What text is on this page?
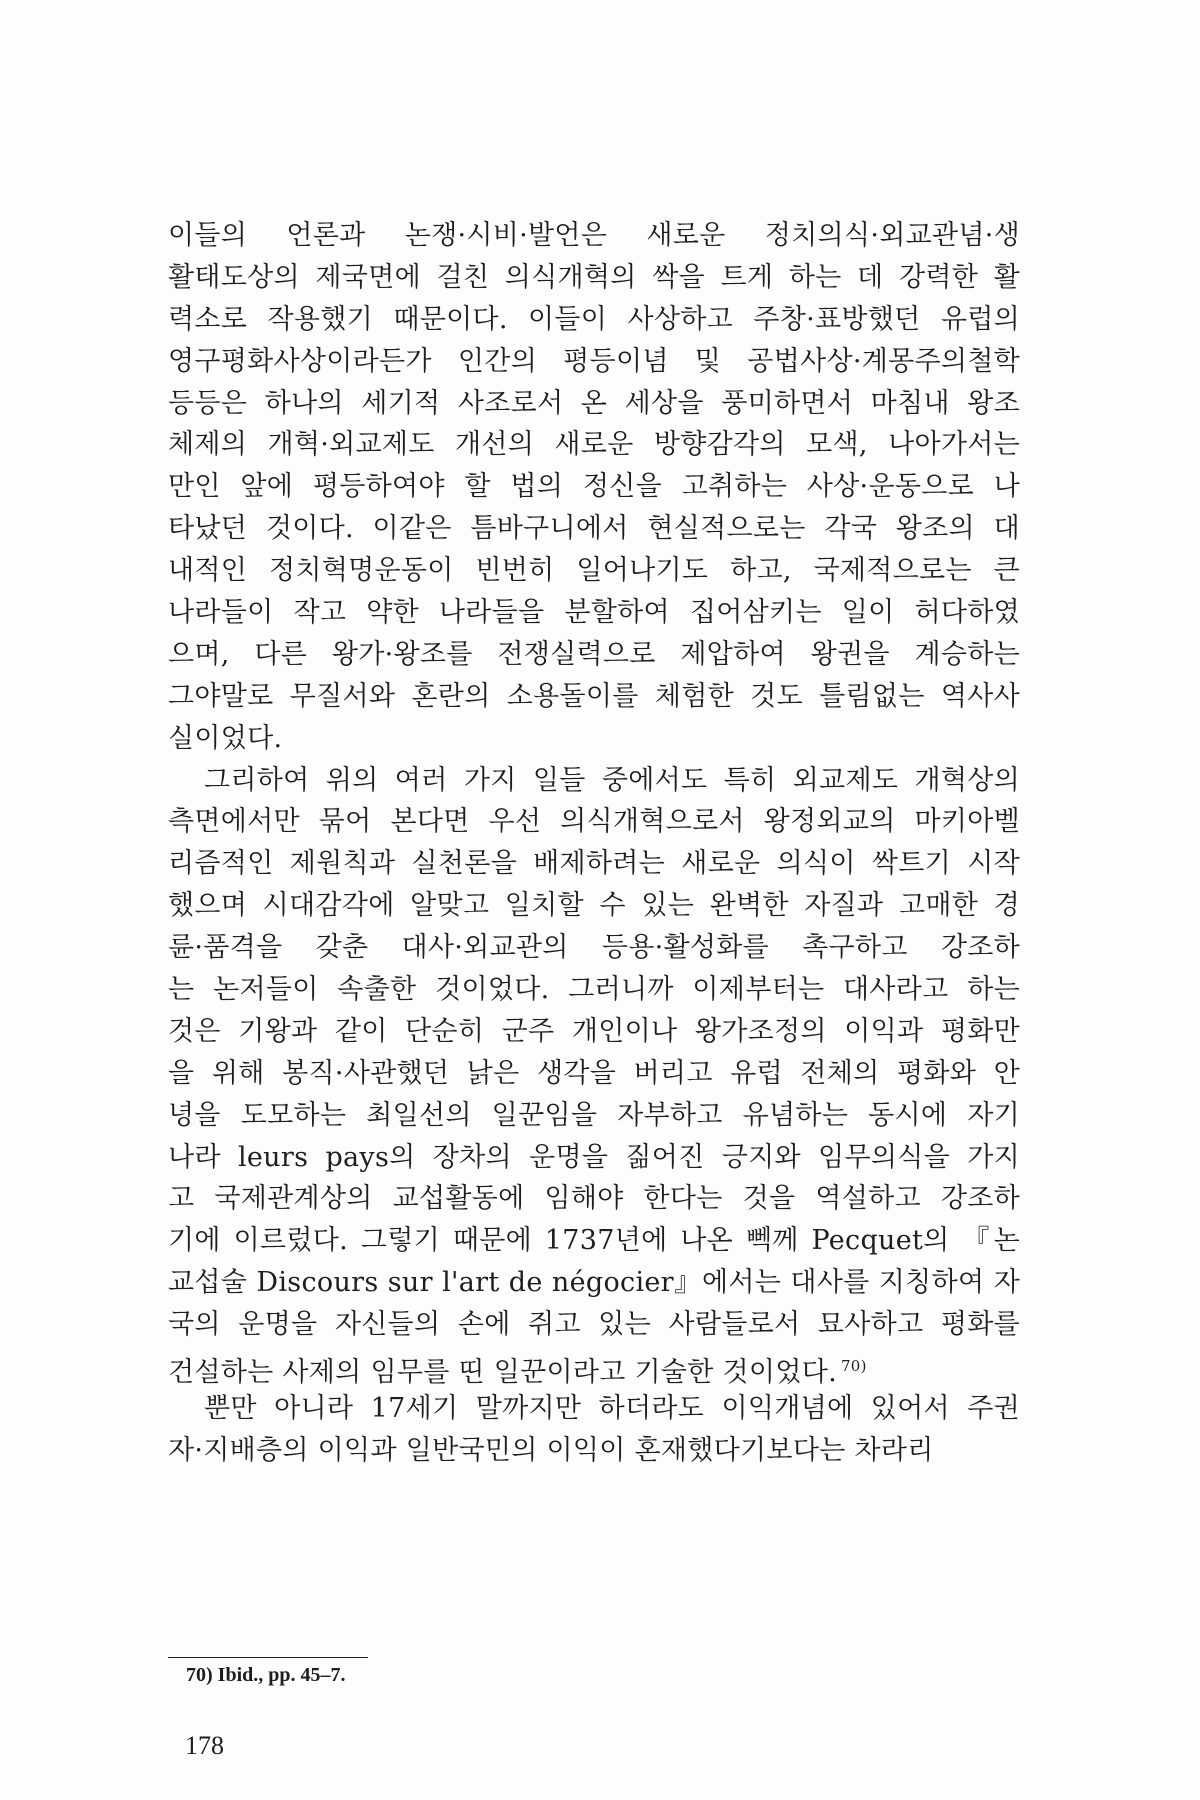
이들의 언론과 논쟁·시비·발언은 새로운 정치의식·외교관념·생
활태도상의 제국면에 걸친 의식개혁의 싹을 트게 하는 데 강력한 활
력소로 작용했기 때문이다. 이들이 사상하고 주창·표방했던 유럽의
영구평화사상이라든가 인간의 평등이념 및 공법사상·계몽주의철학
등등은 하나의 세기적 사조로서 온 세상을 풍미하면서 마침내 왕조
체제의 개혁·외교제도 개선의 새로운 방향감각의 모색, 나아가서는
만인 앞에 평등하여야 할 법의 정신을 고취하는 사상·운동으로 나
타났던 것이다. 이같은 틈바구니에서 현실적으로는 각국 왕조의 대
내적인 정치혁명운동이 빈번히 일어나기도 하고, 국제적으로는 큰
나라들이 작고 약한 나라들을 분할하여 집어삼키는 일이 허다하였
으며, 다른 왕가·왕조를 전쟁실력으로 제압하여 왕권을 계승하는
그야말로 무질서와 혼란의 소용돌이를 체험한 것도 틀림없는 역사사
실이었다.
그리하여 위의 여러 가지 일들 중에서도 특히 외교제도 개혁상의
측면에서만 묶어 본다면 우선 의식개혁으로서 왕정외교의 마키아벨
리즘적인 제원칙과 실천론을 배제하려는 새로운 의식이 싹트기 시작
했으며 시대감각에 알맞고 일치할 수 있는 완벽한 자질과 고매한 경
륜·품격을 갖춘 대사·외교관의 등용·활성화를 촉구하고 강조하
는 논저들이 속출한 것이었다. 그러니까 이제부터는 대사라고 하는
것은 기왕과 같이 단순히 군주 개인이나 왕가조정의 이익과 평화만
을 위해 봉직·사관했던 낡은 생각을 버리고 유럽 전체의 평화와 안
녕을 도모하는 최일선의 일꾼임을 자부하고 유념하는 동시에 자기
나라 leurs pays의 장차의 운명을 짊어진 긍지와 임무의식을 가지
고 국제관계상의 교섭활동에 임해야 한다는 것을 역설하고 강조하
기에 이르렀다. 그렇기 때문에 1737년에 나온 뻭께 Pecquet의 『논
교섭술 Discours sur l'art de négocier』에서는 대사를 지칭하여 자
국의 운명을 자신들의 손에 쥐고 있는 사람들로서 묘사하고 평화를
건설하는 사제의 임무를 띤 일꾼이라고 기술한 것이었다. $^{70)}$
뿐만 아니라 17세기 말까지만 하더라도 이익개념에 있어서 주권
자·지배층의 이익과 일반국민의 이익이 혼재했다기보다는 차라리
70) Ibid., pp. 45–7.
178
